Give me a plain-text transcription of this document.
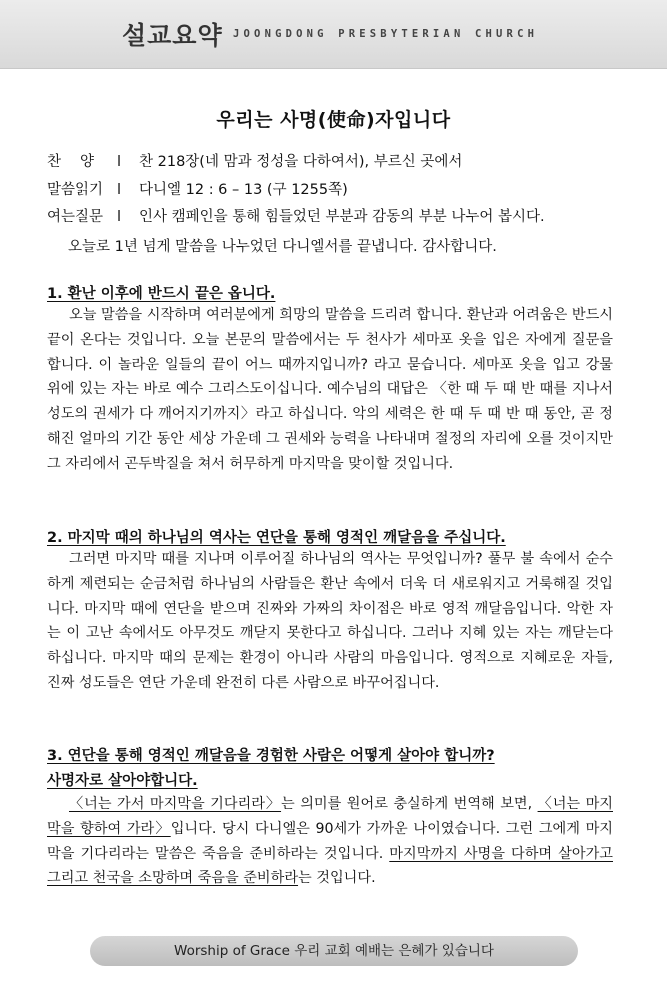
설교요약 JOONGDONG PRESBYTERIAN CHURCH
우리는 사명(使命)자입니다
찬양 l 찬 218장(네 맘과 정성을 다하여서), 부르신 곳에서
말씀읽기 l 다니엘 12 : 6 – 13 (구 1255쪽)
여는질문 l 인사 캠페인을 통해 힘들었던 부분과 감동의 부분 나누어 봅시다.
오늘로 1년 넘게 말씀을 나누었던 다니엘서를 끝냅니다. 감사합니다.
1. 환난 이후에 반드시 끝은 옵니다.

오늘 말씀을 시작하며 여러분에게 희망의 말씀을 드리려 합니다. 환난과 어려움은 반드시 끝이 온다는 것입니다. 오늘 본문의 말씀에서는 두 천사가 세마포 옷을 입은 자에게 질문을 합니다. 이 놀라운 일들의 끝이 어느 때까지입니까? 라고 묻습니다. 세마포 옷을 입고 강물 위에 있는 자는 바로 예수 그리스도이십니다. 예수님의 대답은 〈한 때 두 때 반 때를 지나서 성도의 권세가 다 깨어지기까지〉라고 하십니다. 악의 세력은 한 때 두 때 반 때 동안, 곧 정해진 얼마의 기간 동안 세상 가운데 그 권세와 능력을 나타내며 절정의 자리에 오를 것이지만 그 자리에서 곤두박질을 쳐서 허무하게 마지막을 맞이할 것입니다.

2. 마지막 때의 하나님의 역사는 연단을 통해 영적인 깨달음을 주십니다.

그러면 마지막 때를 지나며 이루어질 하나님의 역사는 무엇입니까? 풀무 불 속에서 순수하게 제련되는 순금처럼 하나님의 사람들은 환난 속에서 더욱 더 새로워지고 거룩해질 것입니다. 마지막 때에 연단을 받으며 진짜와 가짜의 차이점은 바로 영적 깨달음입니다. 악한 자는 이 고난 속에서도 아무것도 깨닫지 못한다고 하십니다. 그러나 지혜 있는 자는 깨닫는다 하십니다. 마지막 때의 문제는 환경이 아니라 사람의 마음입니다. 영적으로 지혜로운 자들, 진짜 성도들은 연단 가운데 완전히 다른 사람으로 바꾸어집니다.

3. 연단을 통해 영적인 깨달음을 경험한 사람은 어떻게 살아야 합니까?
사명자로 살아야합니다.

〈너는 가서 마지막을 기다리라〉는 의미를 원어로 충실하게 번역해 보면, 〈너는 마지막을 향하여 가라〉입니다. 당시 다니엘은 90세가 가까운 나이였습니다. 그런 그에게 마지막을 기다리라는 말씀은 죽음을 준비하라는 것입니다. 마지막까지 사명을 다하며 살아가고 그리고 천국을 소망하며 죽음을 준비하라는 것입니다.

Worship of Grace 우리 교회 예배는 은혜가 있습니다
